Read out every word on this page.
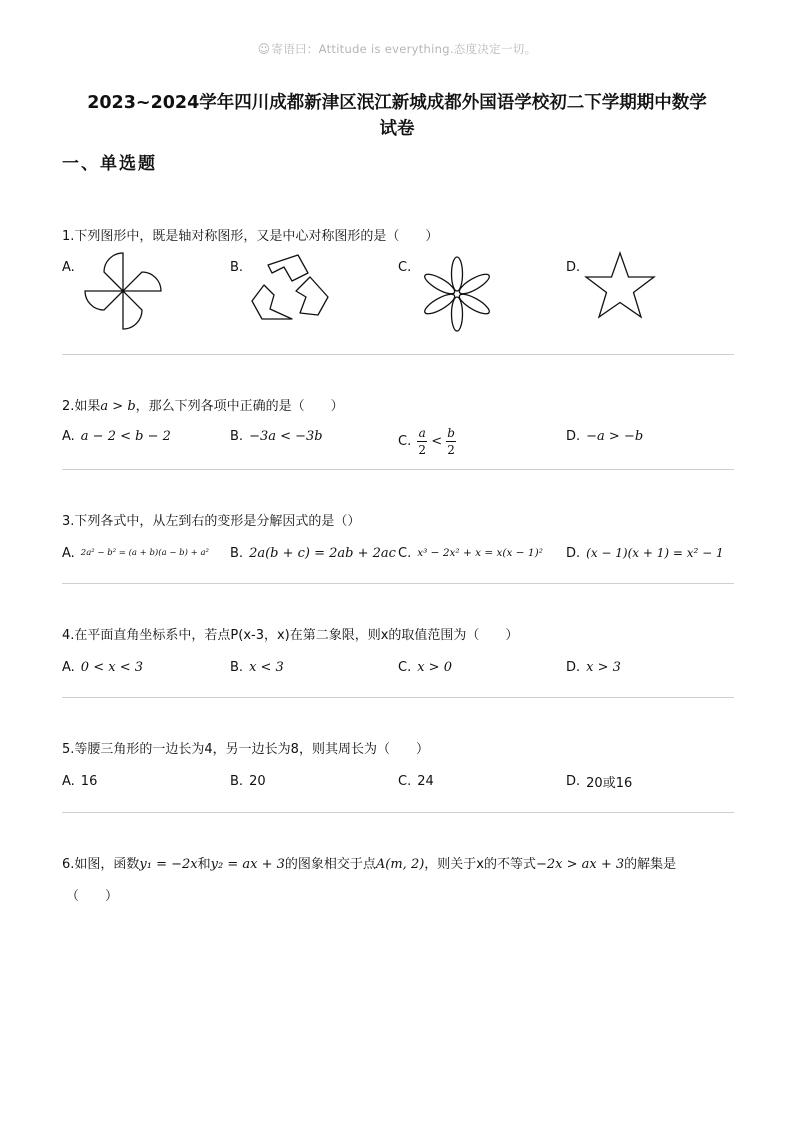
☺寄语曰：Attitude is everything.态度决定一切。
2023~2024学年四川成都新津区泯江新城成都外国语学校初二下学期期中数学
试卷
一、单选题
1.下列图形中，既是轴对称图形，又是中心对称图形的是（　　）
A.	B.	C.	D.
2.如果a > b，那么下列各项中正确的是（　　）
A. a − 2 < b − 2	B. −3a < −3b	C. $\frac{a}{2} < \frac{b}{2}$	D. −a > −b
3.下列各式中，从左到右的变形是分解因式的是（）
A. 2a² − b² = (a + b)(a − b) + a² B. 2a(b + c) = 2ab + 2ac C. x³ − 2x² + x = x(x − 1)² D. (x − 1)(x + 1) = x² − 1
4.在平面直角坐标系中，若点P(x-3，x)在第二象限，则x的取值范围为（　　）
A. 0 < x < 3	B. x < 3	C. x > 0	D. x > 3
5.等腰三角形的一边长为4，另一边长为8，则其周长为（　　）
A. 16	B. 20	C. 24	D. 20或16
6.如图，函数y₁ = −2x和y₂ = ax + 3的图象相交于点A(m, 2)，则关于x的不等式−2x > ax + 3的解集是
（　　）
